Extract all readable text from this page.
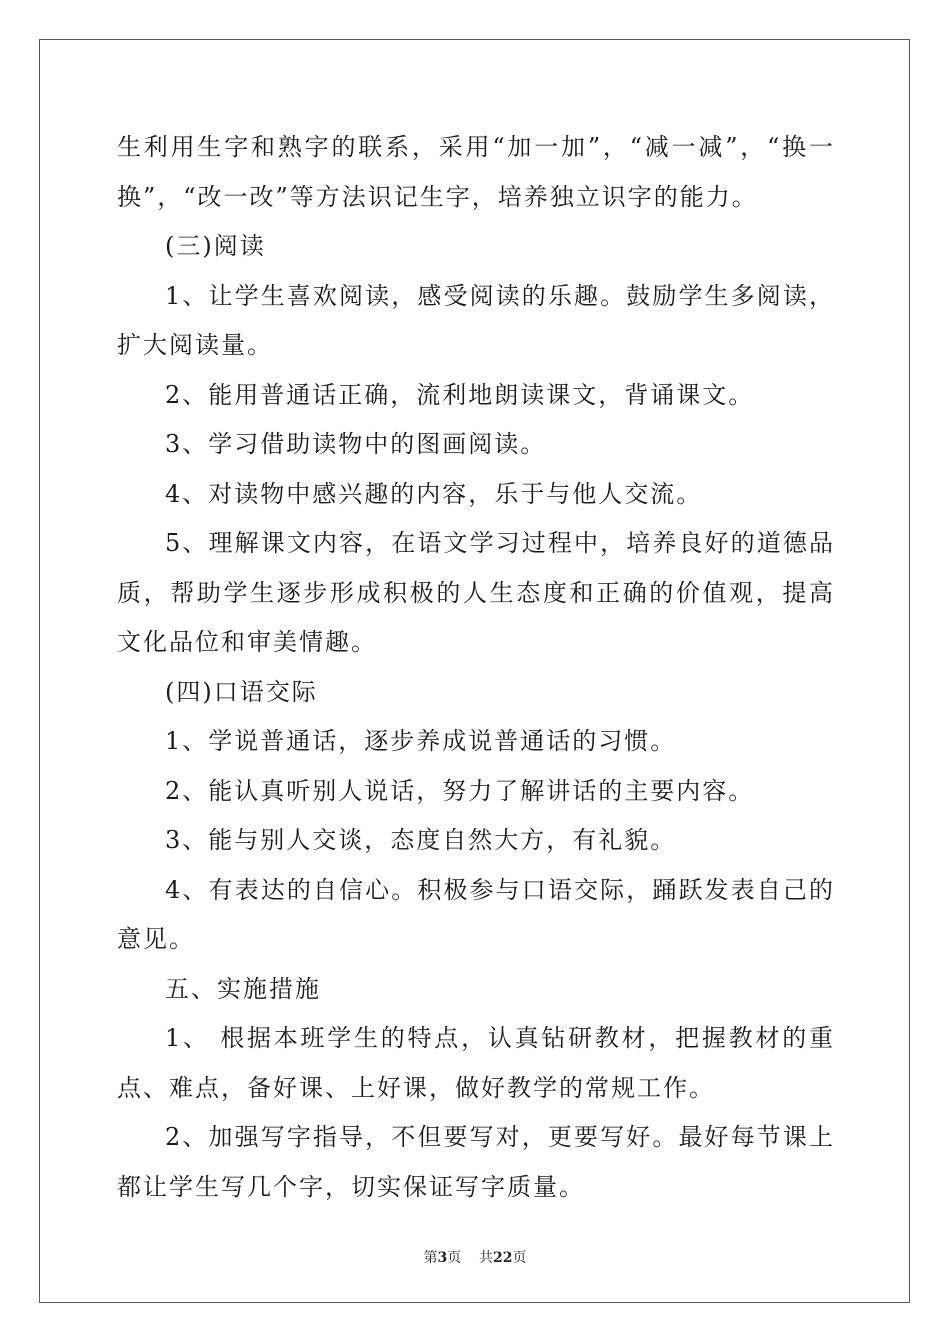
生利用生字和熟字的联系，采用“加一加”，“减一减”，“换一换”，“改一改”等方法识记生字，培养独立识字的能力。

(三)阅读

1、让学生喜欢阅读，感受阅读的乐趣。鼓励学生多阅读，扩大阅读量。

2、能用普通话正确，流利地朗读课文，背诵课文。

3、学习借助读物中的图画阅读。

4、对读物中感兴趣的内容，乐于与他人交流。

5、理解课文内容，在语文学习过程中，培养良好的道德品质，帮助学生逐步形成积极的人生态度和正确的价值观，提高文化品位和审美情趣。

(四)口语交际

1、学说普通话，逐步养成说普通话的习惯。

2、能认真听别人说话，努力了解讲话的主要内容。

3、能与别人交谈，态度自然大方，有礼貌。

4、有表达的自信心。积极参与口语交际，踊跃发表自己的意见。

五、实施措施

1、 根据本班学生的特点，认真钻研教材，把握教材的重点、难点，备好课、上好课，做好教学的常规工作。

2、加强写字指导，不但要写对，更要写好。最好每节课上都让学生写几个字，切实保证写字质量。

第3页 共22页
